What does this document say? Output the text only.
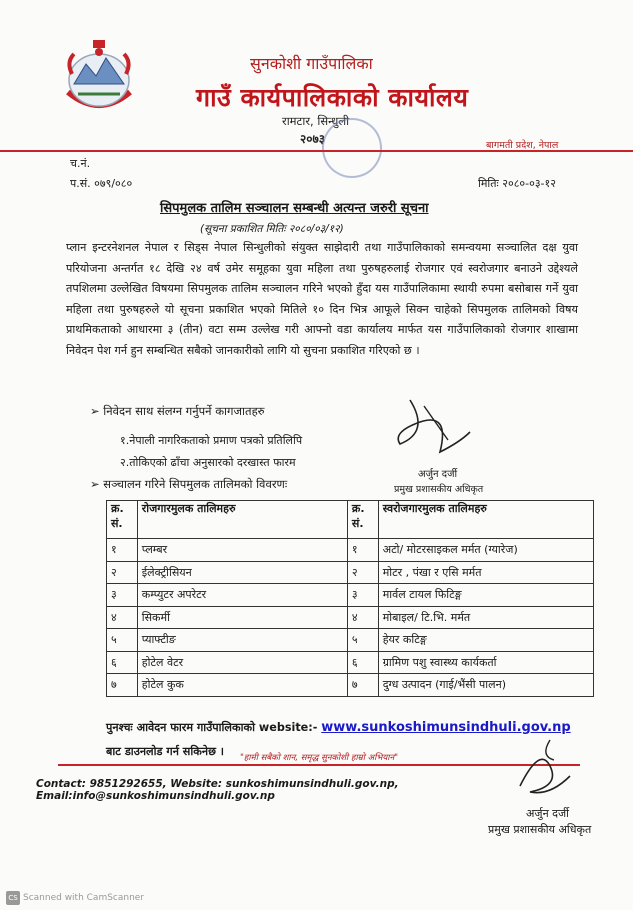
सुनकोशी गाउँपालिका
गाउँ कार्यपालिकाको कार्यालय
रामटार, सिन्धुली
२०७३	बागमती प्रदेश, नेपाल
च.नं.
प.सं. ०७९/०८०	मितिः २०८०-०३-१२
सिपमुलक तालिम सञ्चालन सम्बन्धी अत्यन्त जरुरी सूचना
(सूचना प्रकाशित मितिः २०८०/०३/१२)
प्लान इन्टरनेशनल नेपाल र सिड्स नेपाल सिन्धुलीको संयुक्त साझेदारी तथा गाउँपालिकाको समन्वयमा सञ्चालित दक्ष युवा परियोजना अन्तर्गत १८ देखि २४ वर्ष उमेर समूहका युवा महिला तथा पुरुषहरुलाई रोजगार एवं स्वरोजगार बनाउने उद्देश्यले तपशिलमा उल्लेखित विषयमा सिपमुलक तालिम सञ्चालन गरिने भएकाे हुँदा यस गाउँपालिकामा स्थायी रुपमा बसोबास गर्ने युवा महिला तथा पुरुषहरुले यो सूचना प्रकाशित भएको मितिले १० दिन भित्र आफूले सिक्न चाहेको सिपमुलक तालिमको विषय प्राथमिकताको आधारमा ३ (तीन) वटा सम्म उल्लेख गरी आफ्नो वडा कार्यालय मार्फत यस गाउँपालिकाको रोजगार शाखामा निवेदन पेश गर्न हुन सम्बन्धित सबैको जानकारीको लागि यो सुचना प्रकाशित गरिएको छ ।
➢ निवेदन साथ संलग्न गर्नुपर्ने कागजातहरु
१.नेपाली नागरिकताको प्रमाण पत्रको प्रतिलिपि
२.तोकिएको ढाँचा अनुसारको दरखास्त फारम
अर्जुन दर्जी
प्रमुख प्रशासकीय अधिकृत
➢ सञ्चालन गरिने सिपमुलक तालिमको विवरणः
क्र. सं.	रोजगारमुलक तालिमहरु	क्र. सं.	स्वरोजगारमुलक तालिमहरु
१	प्लम्बर	१	अटो/ मोटरसाइकल मर्मत (ग्यारेज)
२	ईलेक्ट्रीसियन	२	मोटर , पंखा र एसि मर्मत
३	कम्प्युटर अपरेटर	३	मार्वल टायल फिटिङ्ग
४	सिकर्मी	४	मोबाइल/ टि.भि. मर्मत
५	प्याफ्टीङ	५	हेयर कटिङ्ग
६	होटेल वेटर	६	ग्रामिण पशु स्वास्थ्य कार्यकर्ता
७	होटेल कुक	७	दुग्ध उत्पादन (गाई/भैंसी पालन)
पुनश्चः आवेदन फारम गाउँपालिकाको website:- www.sunkoshimunsindhuli.gov.np बाट डाउनलोड गर्न सकिनेछ ।	"हामी सबैको शान, समृद्ध सुनकोशी हाम्रो अभियान"
Contact: 9851292655, Website: sunkoshimunsindhuli.gov.np, Email:info@sunkoshimunsindhuli.gov.np
अर्जुन दर्जी
प्रमुख प्रशासकीय अधिकृत
CS Scanned with CamScanner
